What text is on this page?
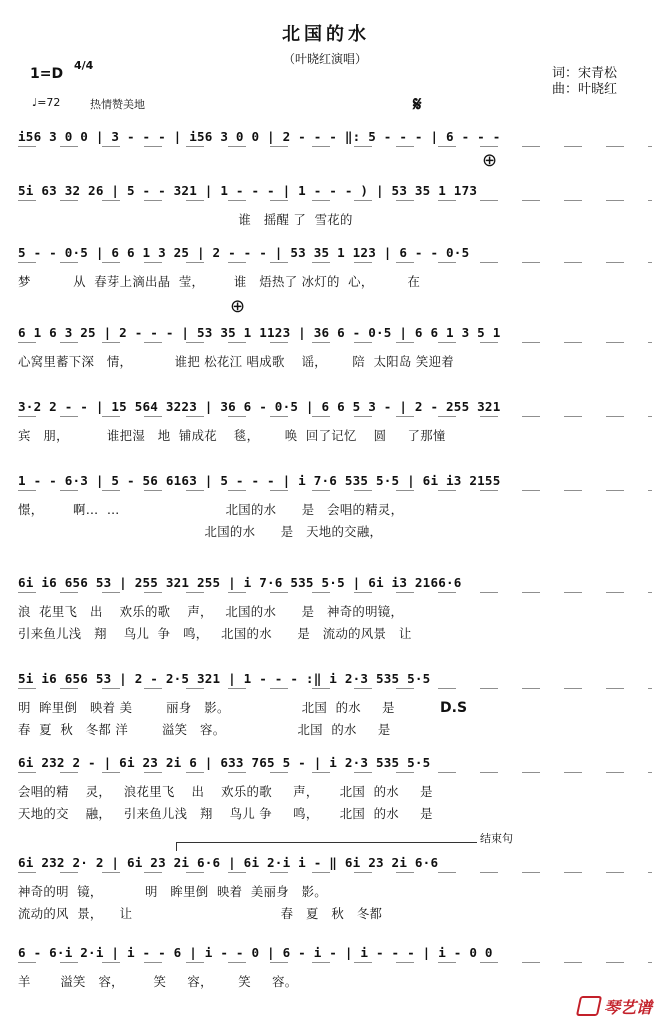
北国的水
（叶晓红演唱）
1=D
4/4
♩=72	热情赞美地
词：宋青松
曲：叶晓红
𝄋
⊕
⊕
i56 3 0 0 | 3 - - - | i56 3 0 0 | 2 - - - ‖: 5 - - - | 6 - - -
5i 63 32 26 | 5 - - 321 | 1 - - - | 1 - - - ) | 53 35 1 173
谁   摇醒 了  雪花的
5 - - 0·5 | 6 6 1 3 25 | 2 - - - | 53 35 1 123 | 6 - - 0·5
梦          从  春芽上滴出晶  莹，       谁   焐热了 冰灯的  心，        在
6 1 6 3 25 | 2 - - - | 53 35 1 1123 | 36 6 - 0·5 | 6 6 1 3 5 1
心窝里蓄下深   情，          谁把 松花江 唱成歌    谣，      陪  太阳岛 笑迎着
3·2 2 - - | 15 564 3223 | 36 6 - 0·5 | 6 6 5 3 - | 2 - 255 321
宾   朋，         谁把湿   地  铺成花    毯，      唤  回了记忆    圆     了那憧
1 - - 6·3 | 5 - 56 6163 | 5 - - - | i 7·6 535 5·5 | 6i i3 2155
憬，       啊…  …                         北国的水      是   会唱的精灵，
北国的水      是   天地的交融，
6i i6 656 53 | 255 321 255 | i 7·6 535 5·5 | 6i i3 2166·6
浪  花里飞   出    欢乐的歌    声，   北国的水      是   神奇的明镜，
引来鱼儿浅   翔    鸟儿  争   鸣，   北国的水      是   流动的风景   让
5i i6 656 53 | 2 - 2·5 321 | 1 - - - :‖ i 2·3 535 5·5
明  眸里倒   映着 美        丽身   影。                 北国  的水     是
春  夏  秋   冬都 洋        溢笑   容。                 北国  的水     是
D.S
6i 232 2 - | 6i 23 2i 6 | 633 765 5 - | i 2·3 535 5·5
会唱的精    灵，   浪花里飞    出    欢乐的歌     声，     北国  的水     是
天地的交    融，   引来鱼儿浅   翔    鸟儿 争     鸣，     北国  的水     是
结束句
6i 232 2· 2 | 6i 23 2i 6·6 | 6i 2·i i - ‖ 6i 23 2i 6·6
神奇的明  镜，          明   眸里倒  映着  美丽身   影。
流动的风  景，    让                                   春   夏   秋   冬都
6 - 6·i 2·i | i - - 6 | i - - 0 | 6 - i - | i - - - | i - 0 0
羊       溢笑   容，       笑     容，      笑     容。
琴艺谱
